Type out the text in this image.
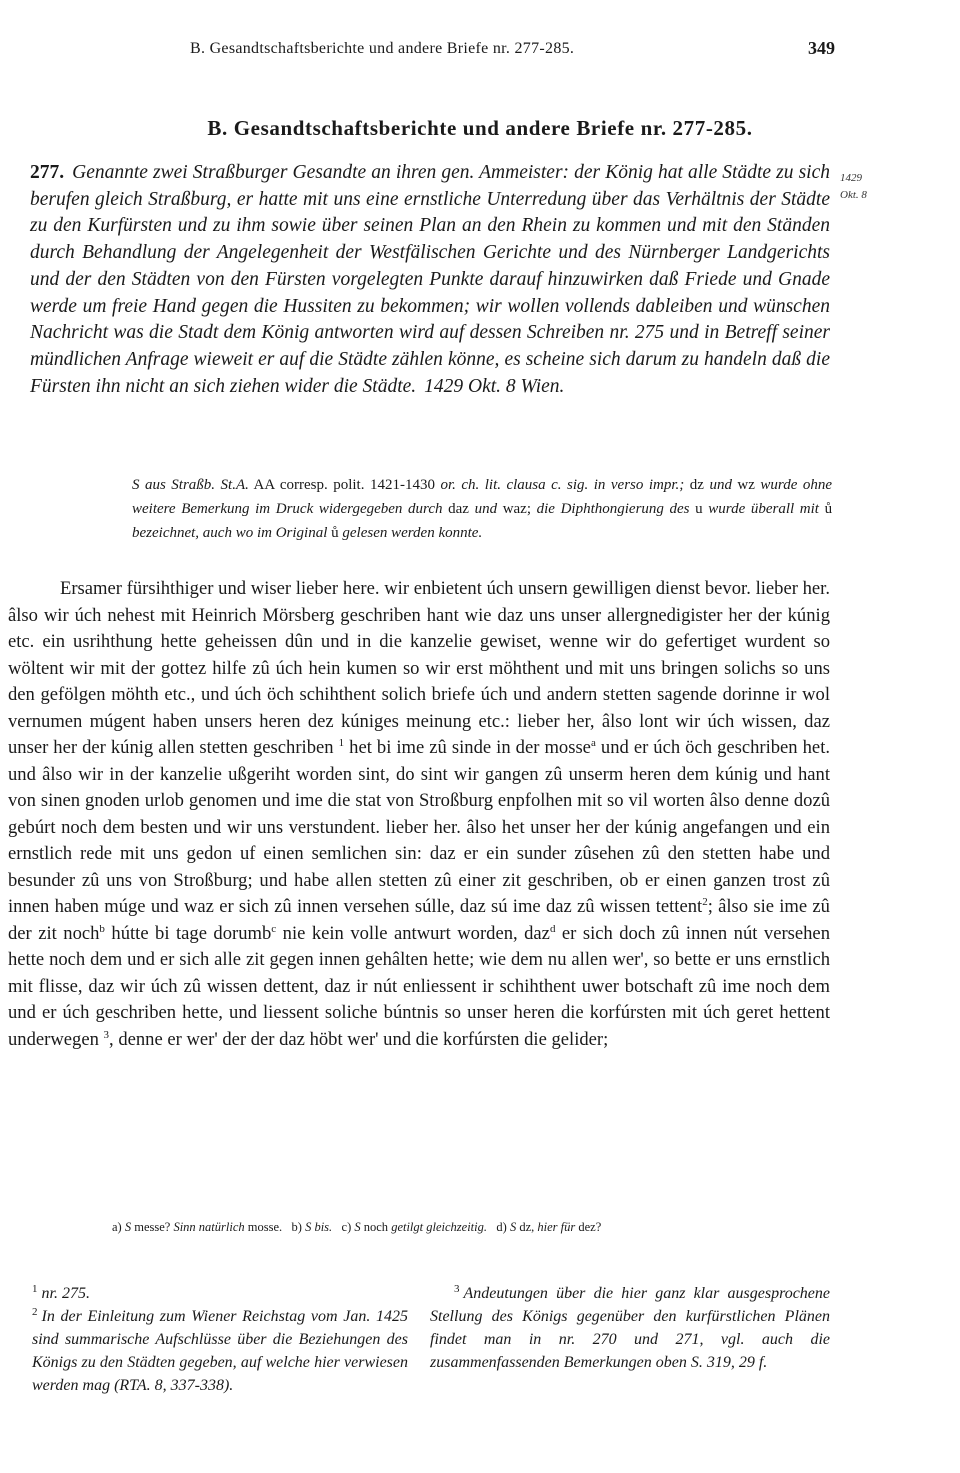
B. Gesandtschaftsberichte und andere Briefe nr. 277-285.	349
B. Gesandtschaftsberichte und andere Briefe nr. 277-285.
277. Genannte zwei Straßburger Gesandte an ihren gen. Ammeister: der König hat alle Städte zu sich berufen gleich Straßburg, er hatte mit uns eine ernstliche Unterredung über das Verhältnis der Städte zu den Kurfürsten und zu ihm sowie über seinen Plan an den Rhein zu kommen und mit den Ständen durch Behandlung der Angelegenheit der Westfälischen Gerichte und des Nürnberger Landgerichts und der den Städten von den Fürsten vorgelegten Punkte darauf hinzuwirken daß Friede und Gnade werde um freie Hand gegen die Hussiten zu bekommen; wir wollen vollends dableiben und wünschen Nachricht was die Stadt dem König antworten wird auf dessen Schreiben nr. 275 und in Betreff seiner mündlichen Anfrage wieweit er auf die Städte zählen könne, es scheine sich darum zu handeln daß die Fürsten ihn nicht an sich ziehen wider die Städte. 1429 Okt. 8 Wien.
1429
Okt. 8
S aus Straßb. St.A. AA corresp. polit. 1421-1430 or. ch. lit. clausa c. sig. in verso impr.; dz und wz wurde ohne weitere Bemerkung im Druck widergegeben durch daz und waz; die Diphthongierung des u wurde überall mit ů bezeichnet, auch wo im Original ů gelesen werden konnte.

Ersamer fürsihthiger und wiser lieber here. wir enbietent úch unsern gewilligen dienst bevor. lieber her. âlso wir úch nehest mit Heinrich Mörsberg geschriben hant wie daz uns unser allergnedigister her der kúnig etc. ein usrihthung hette geheissen dûn und in die kanzelie gewiset, wenne wir do gefertiget wurdent so wöltent wir mit der gottez hilfe zû úch hein kumen so wir erst möhthent und mit uns bringen solichs so uns den gefölgen möhth etc., und úch öch schihthent solich briefe úch und andern stetten sagende dorinne ir wol vernumen múgent haben unsers heren dez kúniges meinung etc.: lieber her, âlso lont wir úch wissen, daz unser her der kúnig allen stetten geschriben $^1$ het bi ime zû sinde in der mosse$^a$ und er úch öch geschriben het. und âlso wir in der kanzelie ußgeriht worden sint, do sint wir gangen zû unserm heren dem kúnig und hant von sinen gnoden urlob genomen und ime die stat von Stroßburg enpfolhen mit so vil worten âlso denne dozû gebúrt noch dem besten und wir uns verstundent. lieber her. âlso het unser her der kúnig angefangen und ein ernstlich rede mit uns gedon uf einen semlichen sin: daz er ein sunder zûsehen zû den stetten habe und besunder zû uns von Stroßburg; und habe allen stetten zû einer zit geschriben, ob er einen ganzen trost zû innen haben múge und waz er sich zû innen versehen súlle, daz sú ime daz zû wissen tettent$^2$; âlso sie ime zû der zit noch$^b$ hútte bi tage dorumb$^c$ nie kein volle antwurt worden, daz$^d$ er sich doch zû innen nút versehen hette noch dem und er sich alle zit gegen innen gehâlten hette; wie dem nu allen wer', so bette er uns ernstlich mit flisse, daz wir úch zû wissen dettent, daz ir nút enliessent ir schihthent uwer botschaft zû ime noch dem und er úch geschriben hette, und liessent soliche búntnis so unser heren die korfúrsten mit úch geret hettent underwegen $^3$, denne er wer' der der daz höbt wer' und die korfúrsten die gelider;

a) S messe? Sinn natürlich mosse. b) S bis. c) S noch getilgt gleichzeitig. d) S dz, hier für dez?

$^1$ nr. 275.

$^2$ In der Einleitung zum Wiener Reichstag vom Jan. 1425 sind summarische Aufschlüsse über die Beziehungen des Königs zu den Städten gegeben, auf welche hier verwiesen werden mag (RTA. 8, 337-338).

$^3$ Andeutungen über die hier ganz klar ausgesprochene Stellung des Königs gegenüber den kurfürstlichen Plänen findet man in nr. 270 und 271, vgl. auch die zusammenfassenden Bemerkungen oben S. 319, 29 f.
